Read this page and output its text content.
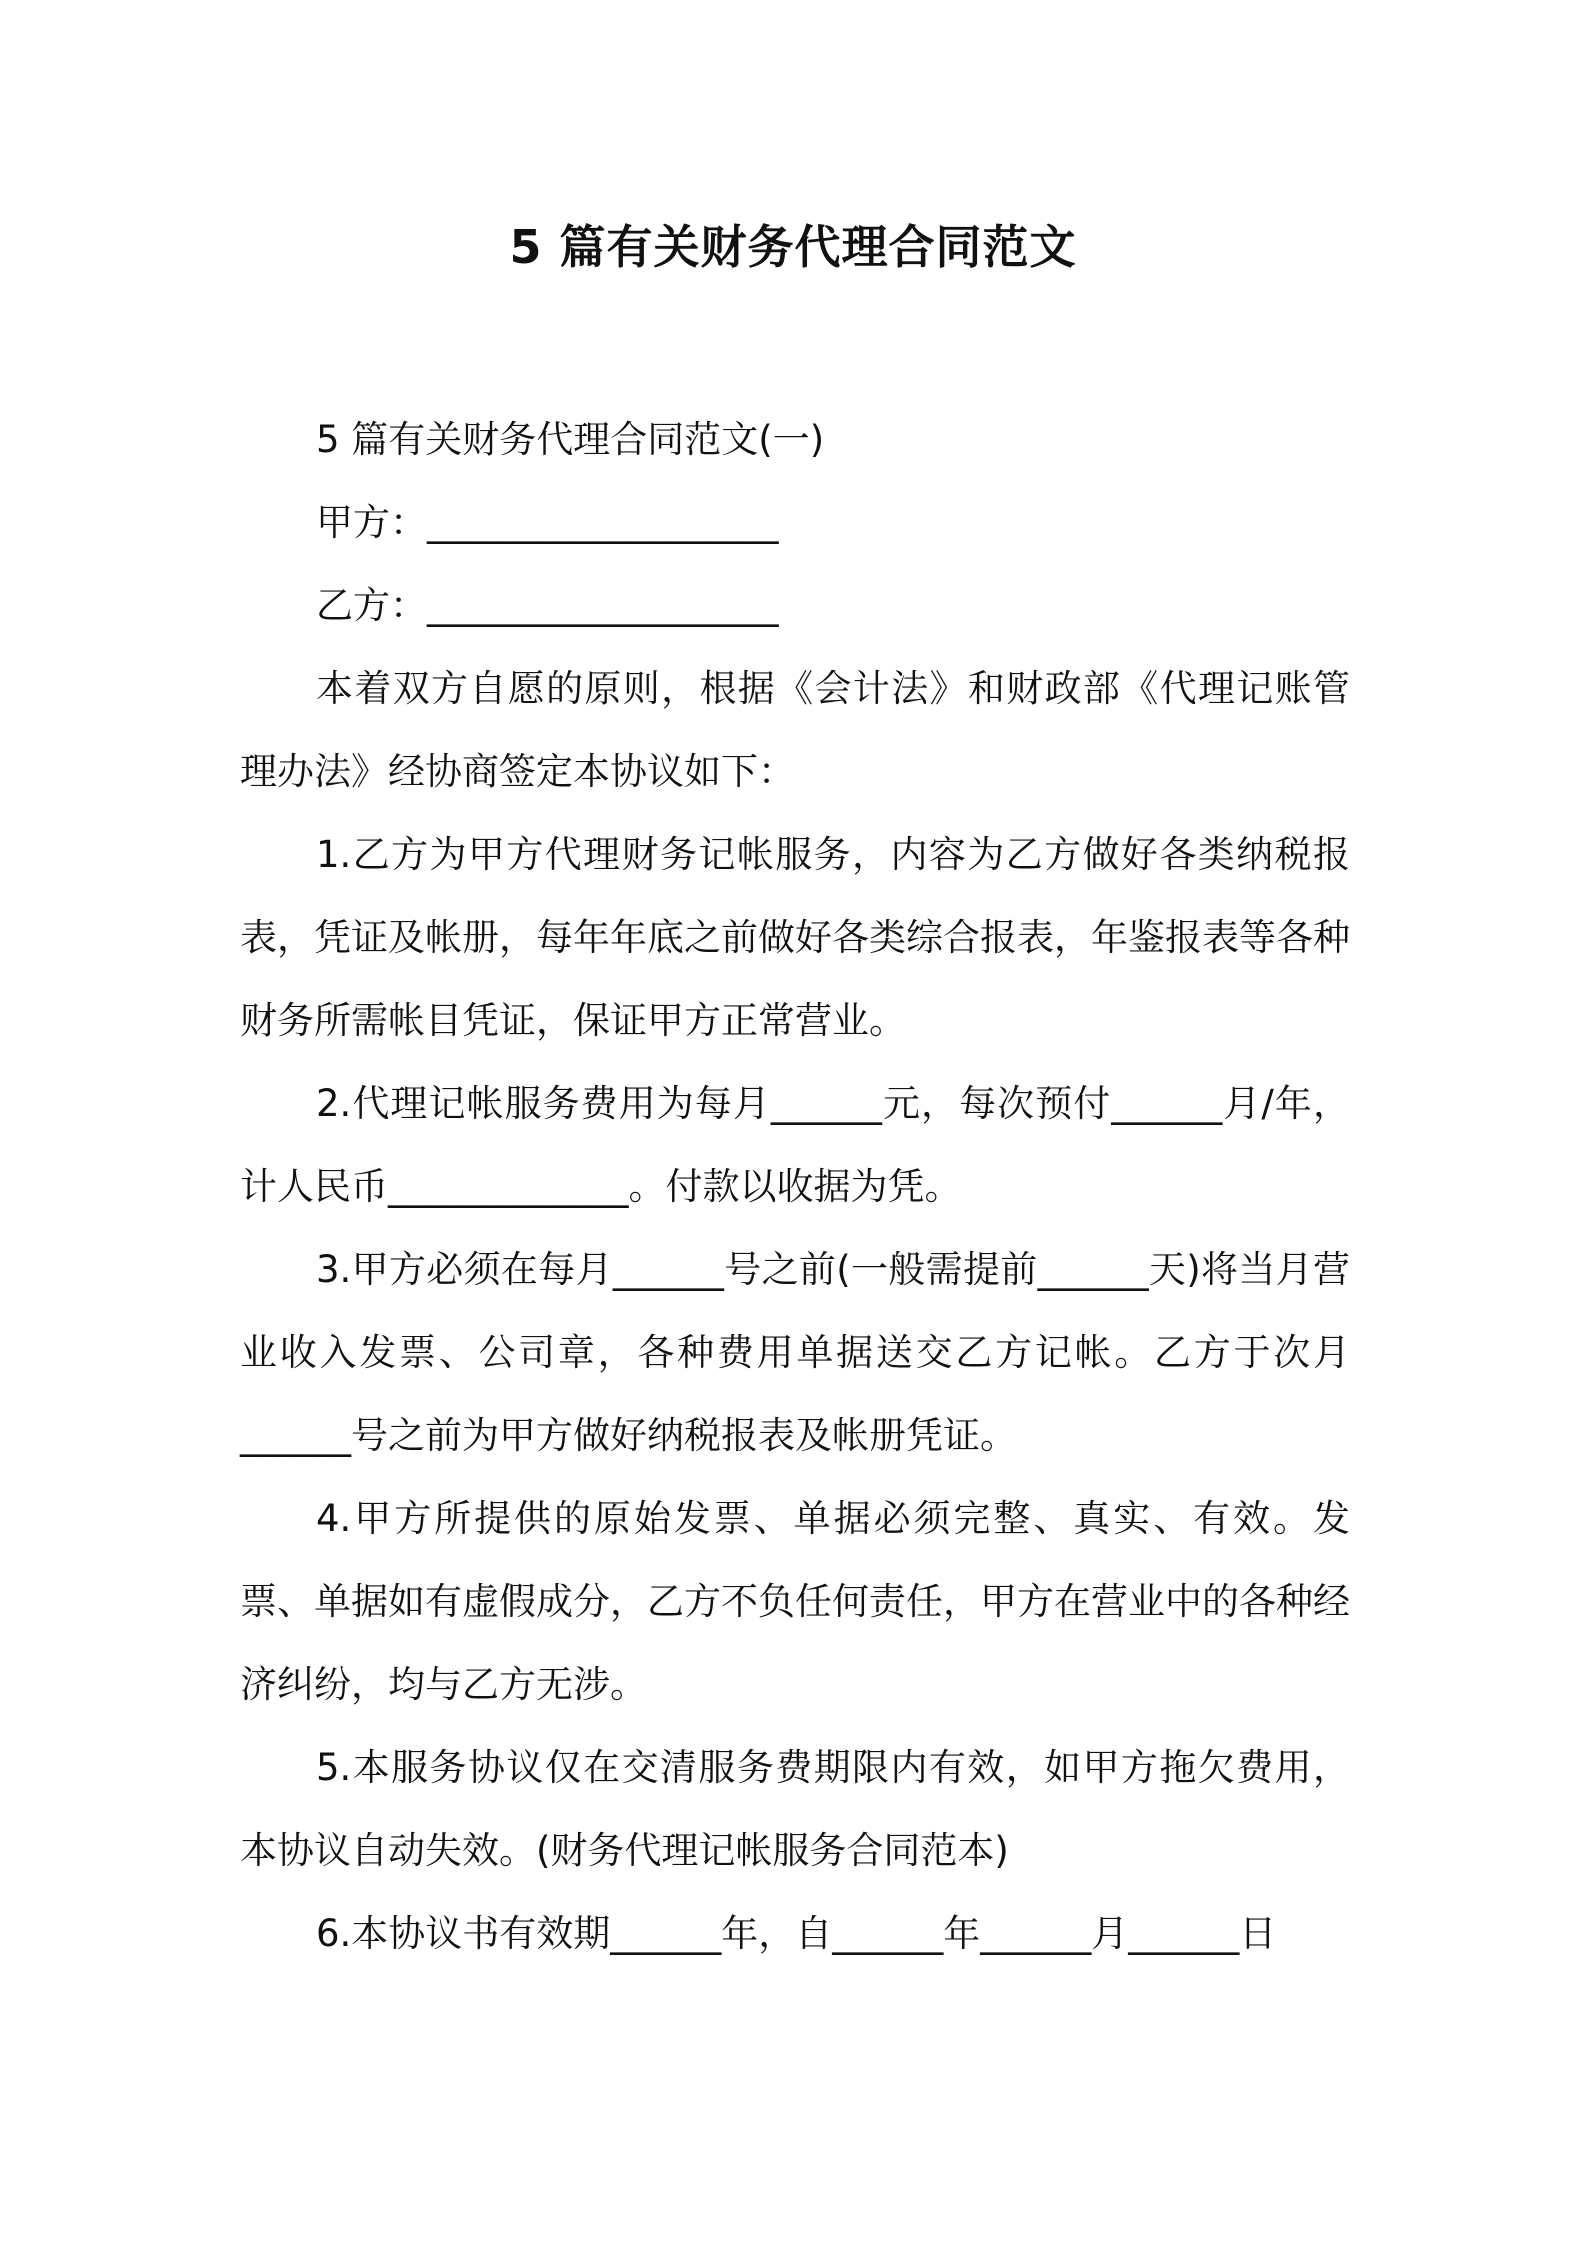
5 篇有关财务代理合同范文

5 篇有关财务代理合同范文(一)

甲方：___________________

乙方：___________________

本着双方自愿的原则，根据《会计法》和财政部《代理记账管理办法》经协商签定本协议如下：

1.乙方为甲方代理财务记帐服务，内容为乙方做好各类纳税报表，凭证及帐册，每年年底之前做好各类综合报表，年鉴报表等各种财务所需帐目凭证，保证甲方正常营业。

2.代理记帐服务费用为每月______元，每次预付______月/年，计人民币_____________。付款以收据为凭。

3.甲方必须在每月______号之前(一般需提前______天)将当月营业收入发票、公司章，各种费用单据送交乙方记帐。乙方于次月______号之前为甲方做好纳税报表及帐册凭证。

4.甲方所提供的原始发票、单据必须完整、真实、有效。发票、单据如有虚假成分，乙方不负任何责任，甲方在营业中的各种经济纠纷，均与乙方无涉。

5.本服务协议仅在交清服务费期限内有效，如甲方拖欠费用，本协议自动失效。(财务代理记帐服务合同范本)

6.本协议书有效期______年，自______年______月______日
